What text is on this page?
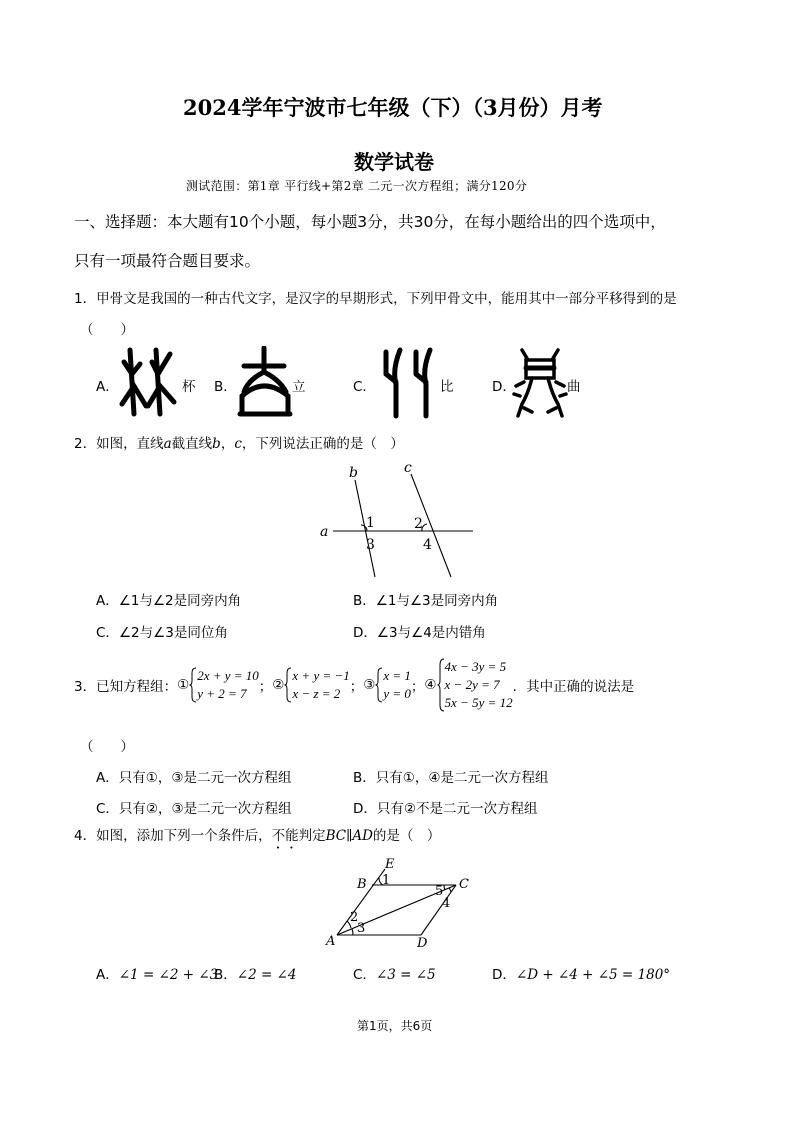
2024学年宁波市七年级（下）（3月份）月考
数学试卷
测试范围：第1章 平行线+第2章 二元一次方程组；满分120分
一、选择题：本大题有10个小题，每小题3分，共30分，在每小题给出的四个选项中，
只有一项最符合题目要求。
1．甲骨文是我国的一种古代文字，是汉字的早期形式，下列甲骨文中，能用其中一部分平移得到的是
（　　）
A．	杯 B．	立	C．	比	D．	曲
2．如图，直线a截直线b，c，下列说法正确的是（　）
b	c
a
1	2
3	4
A．∠1与∠2是同旁内角	B．∠1与∠3是同旁内角
C．∠2与∠3是同位角	D．∠3与∠4是内错角
3．已知方程组：①
2x + y = 10
y + 2 = 7 ；②
x + y = −1
x − z = 2 ；③
x = 1
y = 0 ；④
4x − 3y = 5
x − 2y = 7
5x − 5y = 12
．其中正确的说法是
（　　）
A．只有①，③是二元一次方程组	B．只有①，④是二元一次方程组
C．只有②，③是二元一次方程组	D．只有②不是二元一次方程组
4．如图，添加下列一个条件后，不能判定BC∥AD的是（　）
E
B	C
A	D
1
5
4
2
3
A．∠1 = ∠2 + ∠3
B．∠2 = ∠4	C．∠3 = ∠5	D．∠D + ∠4 + ∠5 = 180°
第1页，共6页
